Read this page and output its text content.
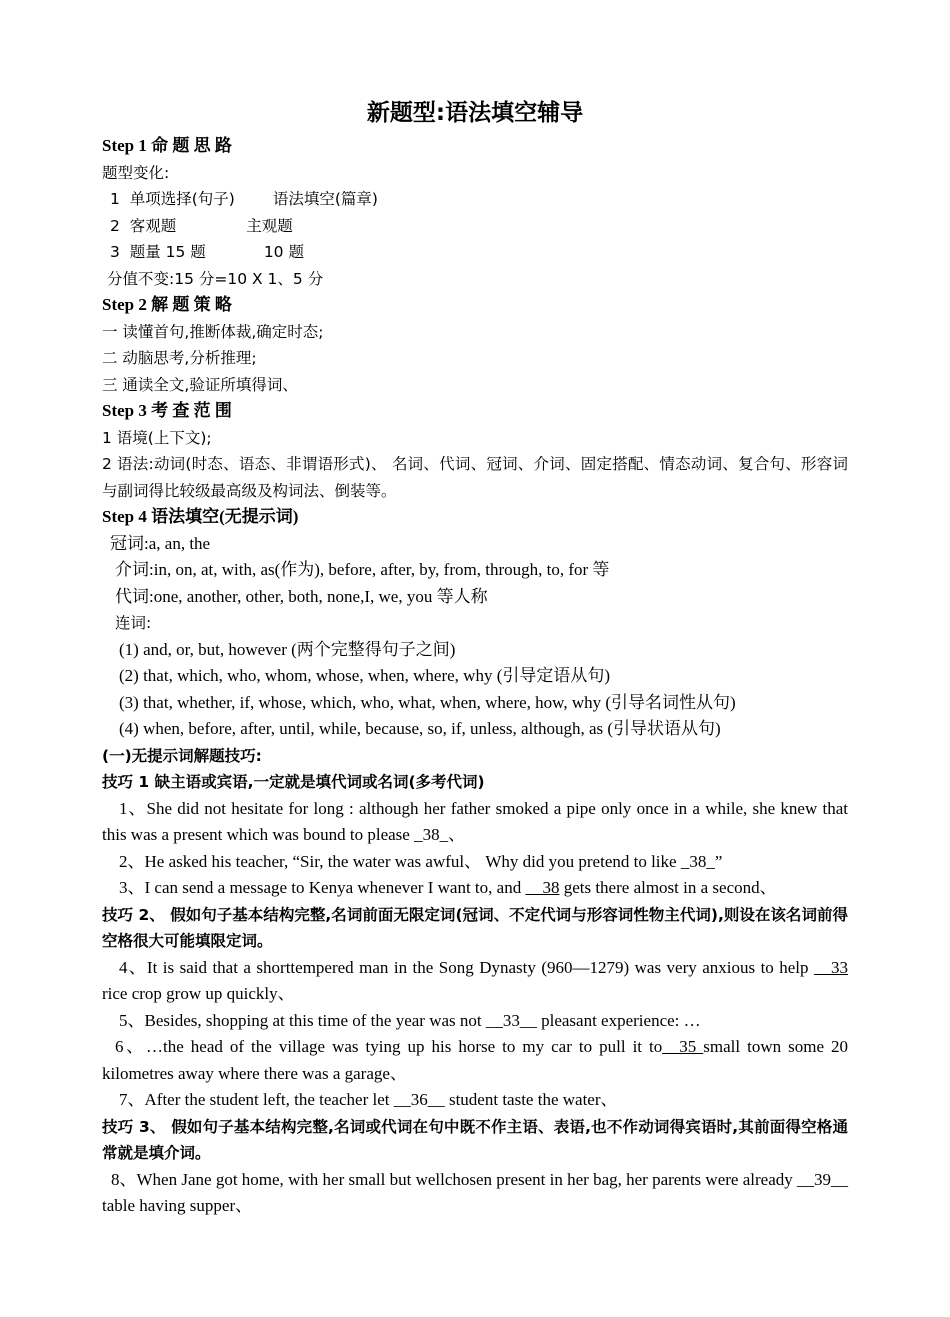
新题型:语法填空辅导
Step 1 命 题 思 路
题型变化:
1 单项选择(句子) 语法填空(篇章)
2 客观题	主观题
3 题量 15 题	10 题
分值不变:15 分=10 X 1、5 分
Step 2 解 题 策 略
一 读懂首句,推断体裁,确定时态;
二 动脑思考,分析推理;
三 通读全文,验证所填得词、
Step 3 考 查 范 围
1 语境(上下文);
2 语法:动词(时态、语态、非谓语形式)、 名词、代词、冠词、介词、固定搭配、情态动词、复合句、形容词与副词得比较级最高级及构词法、倒装等。
Step 4 语法填空(无提示词)
冠词:a, an, the
介词:in, on, at, with, as(作为), before, after, by, from, through, to, for 等
代词:one, another, other, both, none,I, we, you 等人称
连词:
(1) and, or, but, however (两个完整得句子之间)
(2) that, which, who, whom, whose, when, where, why (引导定语从句)
(3) that, whether, if, whose, which, who, what, when, where, how, why (引导名词性从句)
(4) when, before, after, until, while, because, so, if, unless, although, as (引导状语从句)
(一)无提示词解题技巧:
技巧 1 缺主语或宾语,一定就是填代词或名词(多考代词)
1、She did not hesitate for long : although her father smoked a pipe only once in a while, she knew that this was a present which was bound to please _38_、
2、He asked his teacher, “Sir, the water was awful、 Why did you pretend to like _38_”
3、I can send a message to Kenya whenever I want to, and __38 gets there almost in a second、
技巧 2、 假如句子基本结构完整,名词前面无限定词(冠词、不定代词与形容词性物主代词),则设在该名词前得空格很大可能填限定词。
4、It is said that a shorttempered man in the Song Dynasty (960—1279) was very anxious to help __33 rice crop grow up quickly、
5、Besides, shopping at this time of the year was not __33__ pleasant experience: …
6、…the head of the village was tying up his horse to my car to pull it to__35 small town some 20 kilometres away where there was a garage、
7、After the student left, the teacher let __36__ student taste the water、
技巧 3、 假如句子基本结构完整,名词或代词在句中既不作主语、表语,也不作动词得宾语时,其前面得空格通常就是填介词。
8、When Jane got home, with her small but wellchosen present in her bag, her parents were already __39__ table having supper、
